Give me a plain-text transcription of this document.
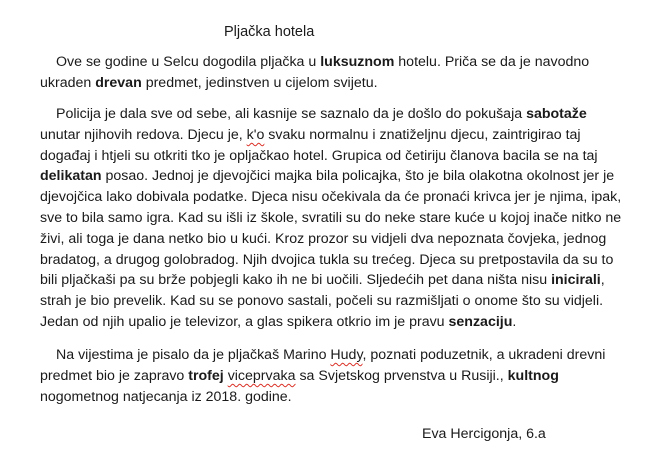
Pljačka hotela
Ove se godine u Selcu dogodila pljačka u luksuznom hotelu. Priča se da je navodno
ukraden drevan predmet, jedinstven u cijelom svijetu.
Policija je dala sve od sebe, ali kasnije se saznalo da je došlo do pokušaja sabotaže
unutar njihovih redova. Djecu je, k'o svaku normalnu i znatiželjnu djecu, zaintrigirao taj
događaj i htjeli su otkriti tko je opljačkao hotel. Grupica od četiriju članova bacila se na taj
delikatan posao. Jednoj je djevojčici majka bila policajka, što je bila olakotna okolnost jer je
djevojčica lako dobivala podatke. Djeca nisu očekivala da će pronaći krivca jer je njima, ipak,
sve to bila samo igra. Kad su išli iz škole, svratili su do neke stare kuće u kojoj inače nitko ne
živi, ali toga je dana netko bio u kući. Kroz prozor su vidjeli dva nepoznata čovjeka, jednog
bradatog, a drugog golobradog. Njih dvojica tukla su trećeg. Djeca su pretpostavila da su to
bili pljačkaši pa su brže pobjegli kako ih ne bi uočili. Sljedećih pet dana ništa nisu inicirali,
strah je bio prevelik. Kad su se ponovo sastali, počeli su razmišljati o onome što su vidjeli.
Jedan od njih upalio je televizor, a glas spikera otkrio im je pravu senzaciju.
Na vijestima je pisalo da je pljačkaš Marino Hudy, poznati poduzetnik, a ukradeni drevni
predmet bio je zapravo trofej viceprvaka sa Svjetskog prvenstva u Rusiji., kultnog
nogometnog natjecanja iz 2018. godine.
Eva Hercigonja, 6.a
